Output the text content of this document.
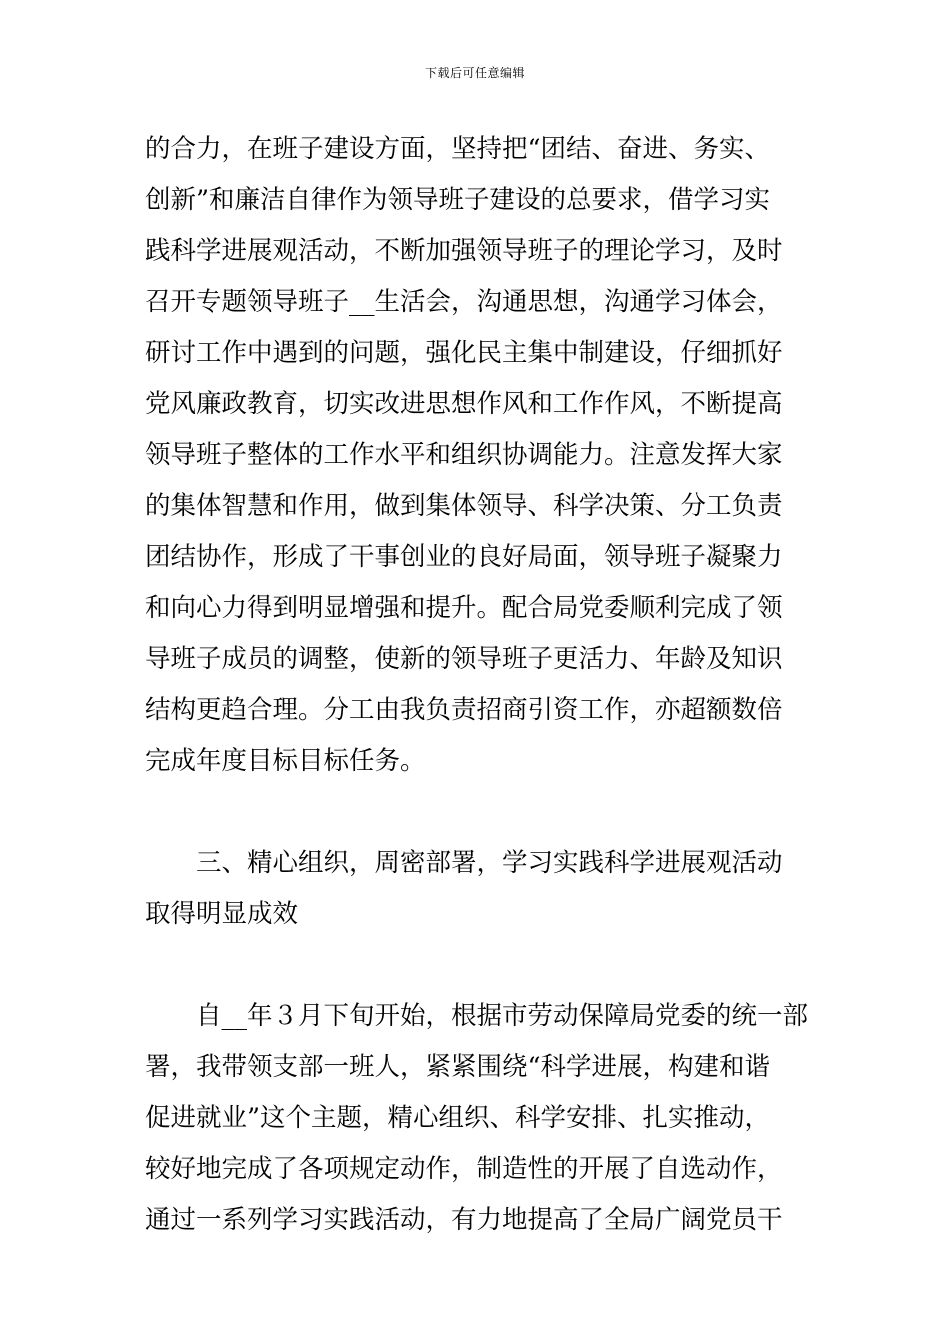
下载后可任意编辑
的合力，在班子建设方面，坚持把“团结、奋进、务实、
创新”和廉洁自律作为领导班子建设的总要求，借学习实
践科学进展观活动，不断加强领导班子的理论学习，及时
召开专题领导班子__生活会，沟通思想，沟通学习体会，
研讨工作中遇到的问题，强化民主集中制建设，仔细抓好
党风廉政教育，切实改进思想作风和工作作风，不断提高
领导班子整体的工作水平和组织协调能力。注意发挥大家
的集体智慧和作用，做到集体领导、科学决策、分工负责
团结协作，形成了干事创业的良好局面，领导班子凝聚力
和向心力得到明显增强和提升。配合局党委顺利完成了领
导班子成员的调整，使新的领导班子更活力、年龄及知识
结构更趋合理。分工由我负责招商引资工作，亦超额数倍
完成年度目标目标任务。
　　三、精心组织，周密部署，学习实践科学进展观活动
取得明显成效
　　自__年３月下旬开始，根据市劳动保障局党委的统一部
署，我带领支部一班人，紧紧围绕“科学进展，构建和谐
促进就业”这个主题，精心组织、科学安排、扎实推动，
较好地完成了各项规定动作，制造性的开展了自选动作，
通过一系列学习实践活动，有力地提高了全局广阔党员干
